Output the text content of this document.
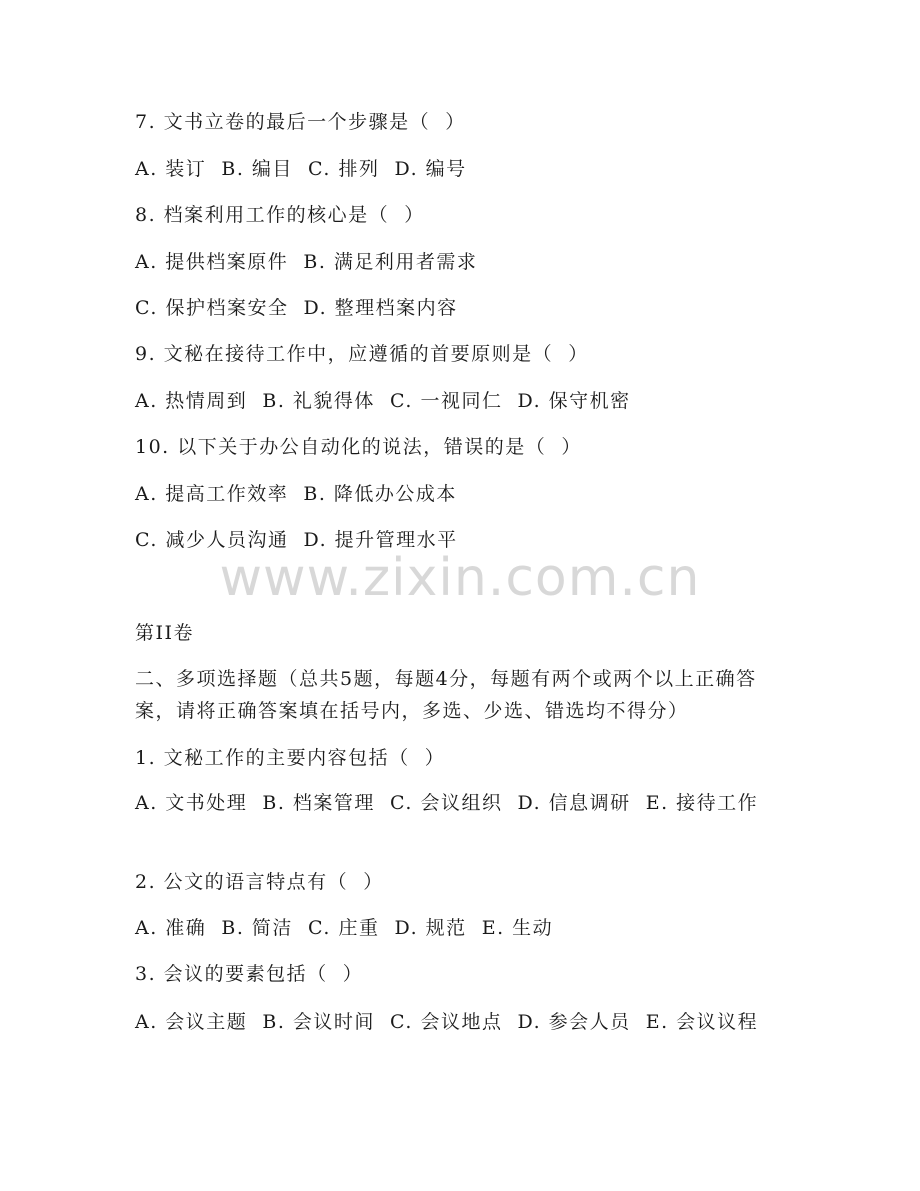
7. 文书立卷的最后一个步骤是（  ）
A. 装订  B. 编目  C. 排列  D. 编号
8. 档案利用工作的核心是（  ）
A. 提供档案原件  B. 满足利用者需求
C. 保护档案安全  D. 整理档案内容
9. 文秘在接待工作中，应遵循的首要原则是（  ）
A. 热情周到  B. 礼貌得体  C. 一视同仁  D. 保守机密
10. 以下关于办公自动化的说法，错误的是（  ）
A. 提高工作效率  B. 降低办公成本
C. 减少人员沟通  D. 提升管理水平
www.zixin.com.cn
第II卷
二、多项选择题（总共5题，每题4分，每题有两个或两个以上正确答案，请将正确答案填在括号内，多选、少选、错选均不得分）
1. 文秘工作的主要内容包括（  ）
A. 文书处理  B. 档案管理  C. 会议组织  D. 信息调研  E. 接待工作
2. 公文的语言特点有（  ）
A. 准确  B. 简洁  C. 庄重  D. 规范  E. 生动
3. 会议的要素包括（  ）
A. 会议主题  B. 会议时间  C. 会议地点  D. 参会人员  E. 会议议程
